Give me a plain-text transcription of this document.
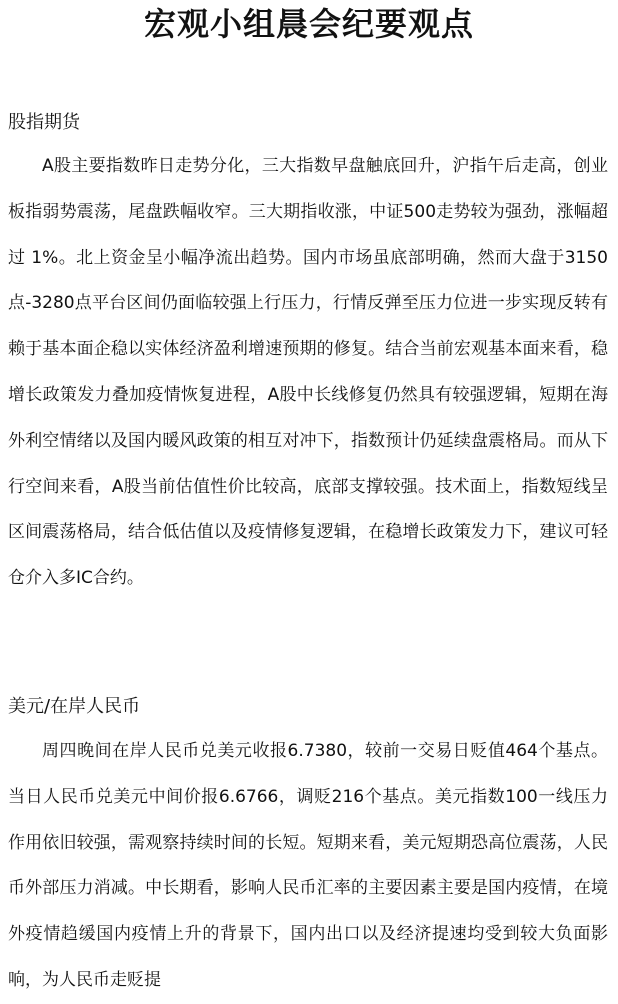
宏观小组晨会纪要观点
股指期货

A股主要指数昨日走势分化，三大指数早盘触底回升，沪指午后走高，创业板指弱势震荡，尾盘跌幅收窄。三大期指收涨，中证500走势较为强劲，涨幅超过 1%。北上资金呈小幅净流出趋势。国内市场虽底部明确，然而大盘于3150点-3280点平台区间仍面临较强上行压力，行情反弹至压力位进一步实现反转有赖于基本面企稳以实体经济盈利增速预期的修复。结合当前宏观基本面来看，稳增长政策发力叠加疫情恢复进程，A股中长线修复仍然具有较强逻辑，短期在海外利空情绪以及国内暖风政策的相互对冲下，指数预计仍延续盘震格局。而从下行空间来看，A股当前估值性价比较高，底部支撑较强。技术面上，指数短线呈区间震荡格局，结合低估值以及疫情修复逻辑，在稳增长政策发力下，建议可轻仓介入多IC合约。

美元/在岸人民币

周四晚间在岸人民币兑美元收报6.7380，较前一交易日贬值464个基点。当日人民币兑美元中间价报6.6766，调贬216个基点。美元指数100一线压力作用依旧较强，需观察持续时间的长短。短期来看，美元短期恐高位震荡，人民币外部压力消减。中长期看，影响人民币汇率的主要因素主要是国内疫情，在境外疫情趋缓国内疫情上升的背景下，国内出口以及经济提速均受到较大负面影响，为人民币走贬提
